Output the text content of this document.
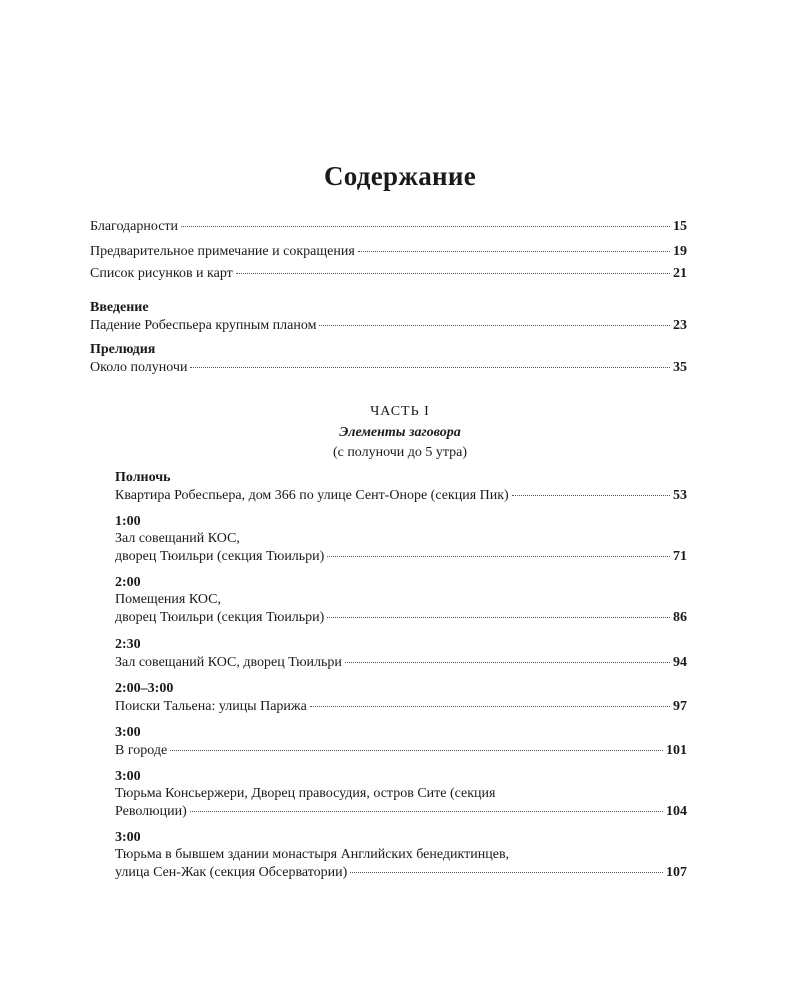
Содержание
Благодарности	15
Предварительное примечание и сокращения	19
Список рисунков и карт	21
Введение
Падение Робеспьера крупным планом	23
Прелюдия
Около полуночи	35
ЧАСТЬ I
Элементы заговора
(с полуночи до 5 утра)
Полночь
Квартира Робеспьера, дом 366 по улице Сент-Оноре (секция Пик)	53
1:00
Зал совещаний КОС,
дворец Тюильри (секция Тюильри)	71
2:00
Помещения КОС,
дворец Тюильри (секция Тюильри)	86
2:30
Зал совещаний КОС, дворец Тюильри	94
2:00–3:00
Поиски Тальена: улицы Парижа	97
3:00
В городе	101
3:00
Тюрьма Консьержери, Дворец правосудия, остров Сите (секция
Революции)	104
3:00
Тюрьма в бывшем здании монастыря Английских бенедиктинцев,
улица Сен-Жак (секция Обсерватории)	107
